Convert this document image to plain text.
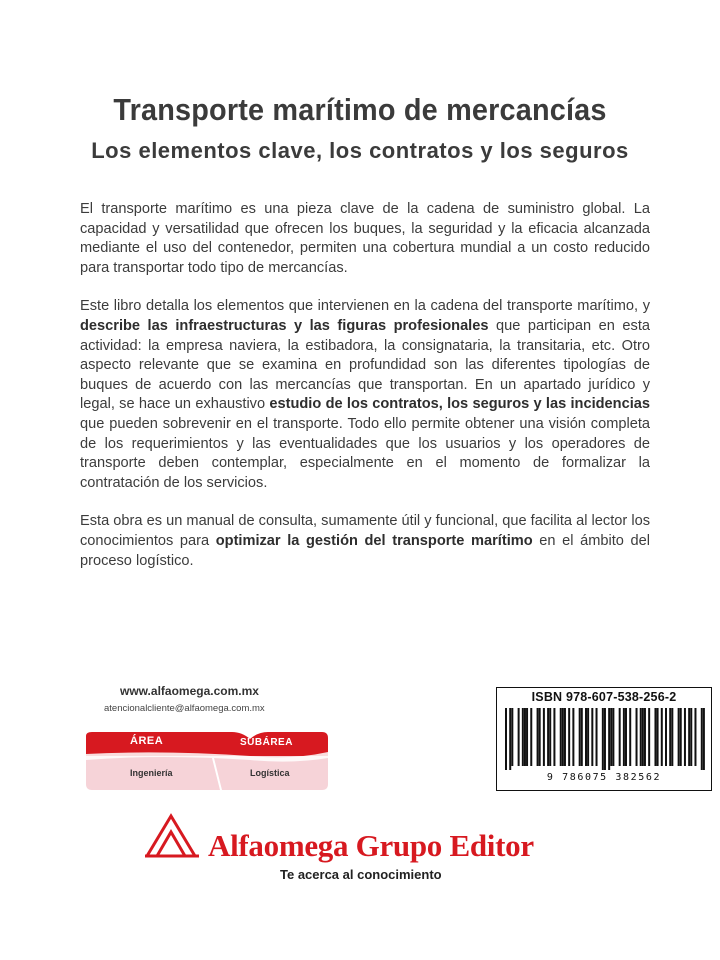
Transporte marítimo de mercancías
Los elementos clave, los contratos y los seguros

El transporte marítimo es una pieza clave de la cadena de suministro global. La capacidad y versatilidad que ofrecen los buques, la seguridad y la eficacia alcanzada mediante el uso del contenedor, permiten una cobertura mundial a un costo reducido para transportar todo tipo de mercancías.

Este libro detalla los elementos que intervienen en la cadena del transporte marítimo, y describe las infraestructuras y las figuras profesionales que participan en esta actividad: la empresa naviera, la estibadora, la consignataria, la transitaria, etc. Otro aspecto relevante que se examina en profundidad son las diferentes tipologías de buques de acuerdo con las mercancías que transportan. En un apartado jurídico y legal, se hace un exhaustivo estudio de los contratos, los seguros y las incidencias que pueden sobrevenir en el transporte. Todo ello permite obtener una visión completa de los requerimientos y las eventualidades que los usuarios y los operadores de transporte deben contemplar, especialmente en el momento de formalizar la contratación de los servicios.

Esta obra es un manual de consulta, sumamente útil y funcional, que facilita al lector los conocimientos para optimizar la gestión del transporte marítimo en el ámbito del proceso logístico.

www.alfaomega.com.mx
atencionalcliente@alfaomega.com.mx
ÁREA	SUBÁREA
Ingeniería	Logística
ISBN 978-607-538-256-2
9 786075 382562
Alfaomega Grupo Editor
Te acerca al conocimiento
